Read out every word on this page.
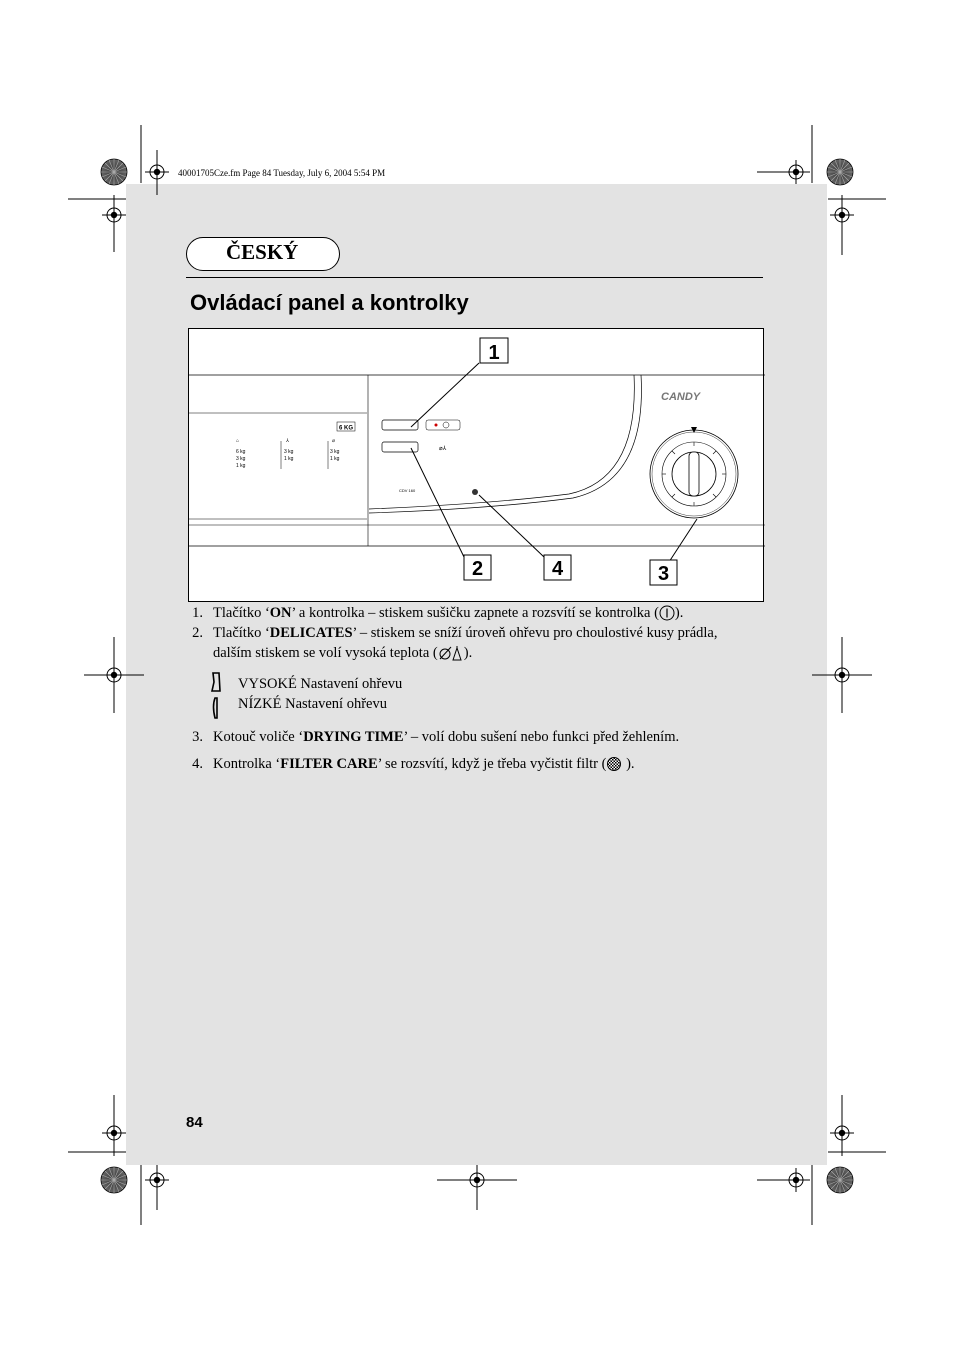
40001705Cze.fm Page 84 Tuesday, July 6, 2004 5:54 PM
ČESKÝ
Ovládací panel a kontrolky
6 KG
⌂	⅄	⌀
6 kg	3 kg	3 kg
3 kg	1 kg	1 kg
1 kg
⌀⅄
CDV 160
CANDY
1
2	3
4
1. Tlačítko ‘ON’ a kontrolka – stiskem sušičku zapnete a rozsvítí se kontrolka ( ).
2. Tlačítko ‘DELICATES’ – stiskem se sníží úroveň ohřevu pro choulostivé kusy prádla, dalším stiskem se volí vysoká teplota ( ).
VYSOKÉ Nastavení ohřevu
NÍZKÉ Nastavení ohřevu
3. Kotouč voliče ‘DRYING TIME’ – volí dobu sušení nebo funkci před žehlením.
4. Kontrolka ‘FILTER CARE’ se rozsvítí, když je třeba vyčistit filtr ( ).
84
